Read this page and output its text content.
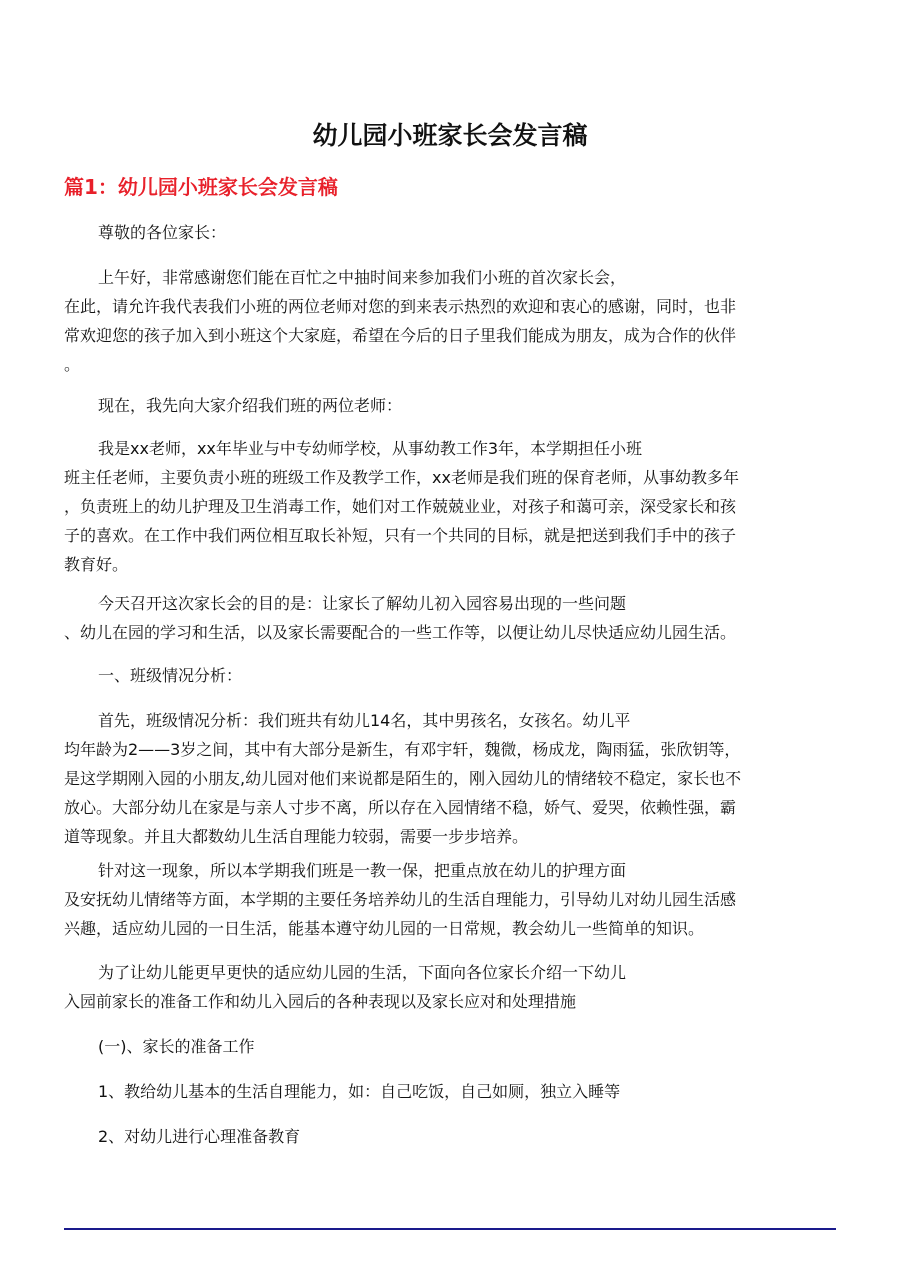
幼儿园小班家长会发言稿
篇1：幼儿园小班家长会发言稿
尊敬的各位家长：
上午好，非常感谢您们能在百忙之中抽时间来参加我们小班的首次家长会，
在此，请允许我代表我们小班的两位老师对您的到来表示热烈的欢迎和衷心的感谢，同时，也非
常欢迎您的孩子加入到小班这个大家庭，希望在今后的日子里我们能成为朋友，成为合作的伙伴
。
现在，我先向大家介绍我们班的两位老师：
我是xx老师，xx年毕业与中专幼师学校，从事幼教工作3年，本学期担任小班
班主任老师，主要负责小班的班级工作及教学工作，xx老师是我们班的保育老师，从事幼教多年
，负责班上的幼儿护理及卫生消毒工作，她们对工作兢兢业业，对孩子和蔼可亲，深受家长和孩
子的喜欢。在工作中我们两位相互取长补短，只有一个共同的目标，就是把送到我们手中的孩子
教育好。
今天召开这次家长会的目的是：让家长了解幼儿初入园容易出现的一些问题
、幼儿在园的学习和生活，以及家长需要配合的一些工作等，以便让幼儿尽快适应幼儿园生活。
一、班级情况分析：
首先，班级情况分析：我们班共有幼儿14名，其中男孩名，女孩名。幼儿平
均年龄为2——3岁之间，其中有大部分是新生，有邓宇轩，魏微，杨成龙，陶雨猛，张欣钥等，
是这学期刚入园的小朋友,幼儿园对他们来说都是陌生的，刚入园幼儿的情绪较不稳定，家长也不
放心。大部分幼儿在家是与亲人寸步不离，所以存在入园情绪不稳，娇气、爱哭，依赖性强，霸
道等现象。并且大都数幼儿生活自理能力较弱，需要一步步培养。
针对这一现象，所以本学期我们班是一教一保，把重点放在幼儿的护理方面
及安抚幼儿情绪等方面，本学期的主要任务培养幼儿的生活自理能力，引导幼儿对幼儿园生活感
兴趣，适应幼儿园的一日生活，能基本遵守幼儿园的一日常规，教会幼儿一些简单的知识。
为了让幼儿能更早更快的适应幼儿园的生活，下面向各位家长介绍一下幼儿
入园前家长的准备工作和幼儿入园后的各种表现以及家长应对和处理措施
(一)、家长的准备工作
1、教给幼儿基本的生活自理能力，如：自己吃饭，自己如厕，独立入睡等
2、对幼儿进行心理准备教育
